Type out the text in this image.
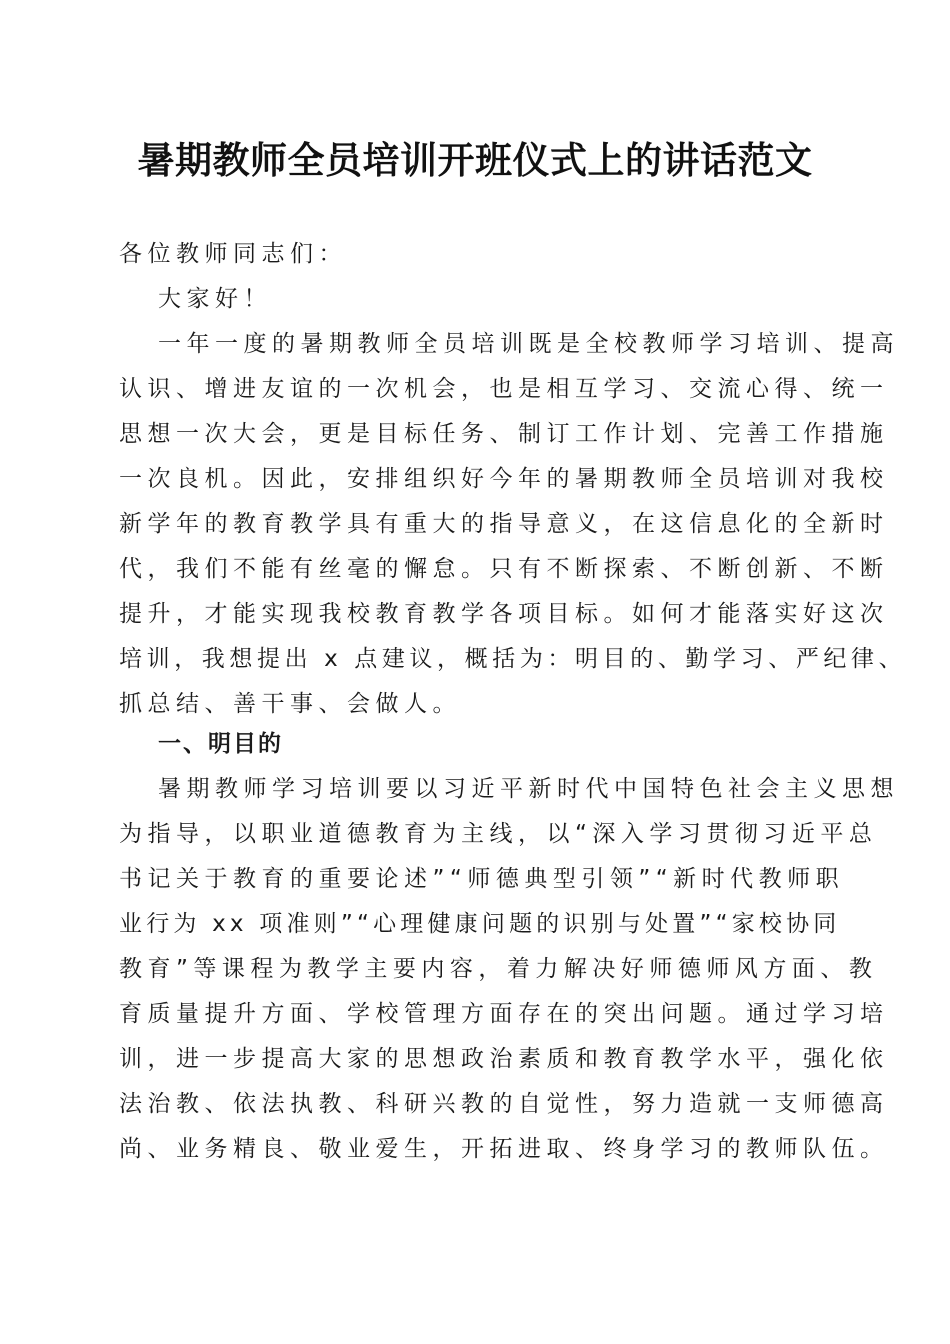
暑期教师全员培训开班仪式上的讲话范文
各位教师同志们：
大家好！
一年一度的暑期教师全员培训既是全校教师学习培训、提高
认识、增进友谊的一次机会，也是相互学习、交流心得、统一
思想一次大会，更是目标任务、制订工作计划、完善工作措施
一次良机。因此，安排组织好今年的暑期教师全员培训对我校
新学年的教育教学具有重大的指导意义，在这信息化的全新时
代，我们不能有丝毫的懈怠。只有不断探索、不断创新、不断
提升，才能实现我校教育教学各项目标。如何才能落实好这次
培训，我想提出 x 点建议，概括为：明目的、勤学习、严纪律、
抓总结、善干事、会做人。
一、明目的
暑期教师学习培训要以习近平新时代中国特色社会主义思想
为指导，以职业道德教育为主线，以“深入学习贯彻习近平总
书记关于教育的重要论述”“师德典型引领”“新时代教师职
业行为 xx 项准则”“心理健康问题的识别与处置”“家校协同
教育”等课程为教学主要内容，着力解决好师德师风方面、教
育质量提升方面、学校管理方面存在的突出问题。通过学习培
训，进一步提高大家的思想政治素质和教育教学水平，强化依
法治教、依法执教、科研兴教的自觉性，努力造就一支师德高
尚、业务精良、敬业爱生，开拓进取、终身学习的教师队伍。
